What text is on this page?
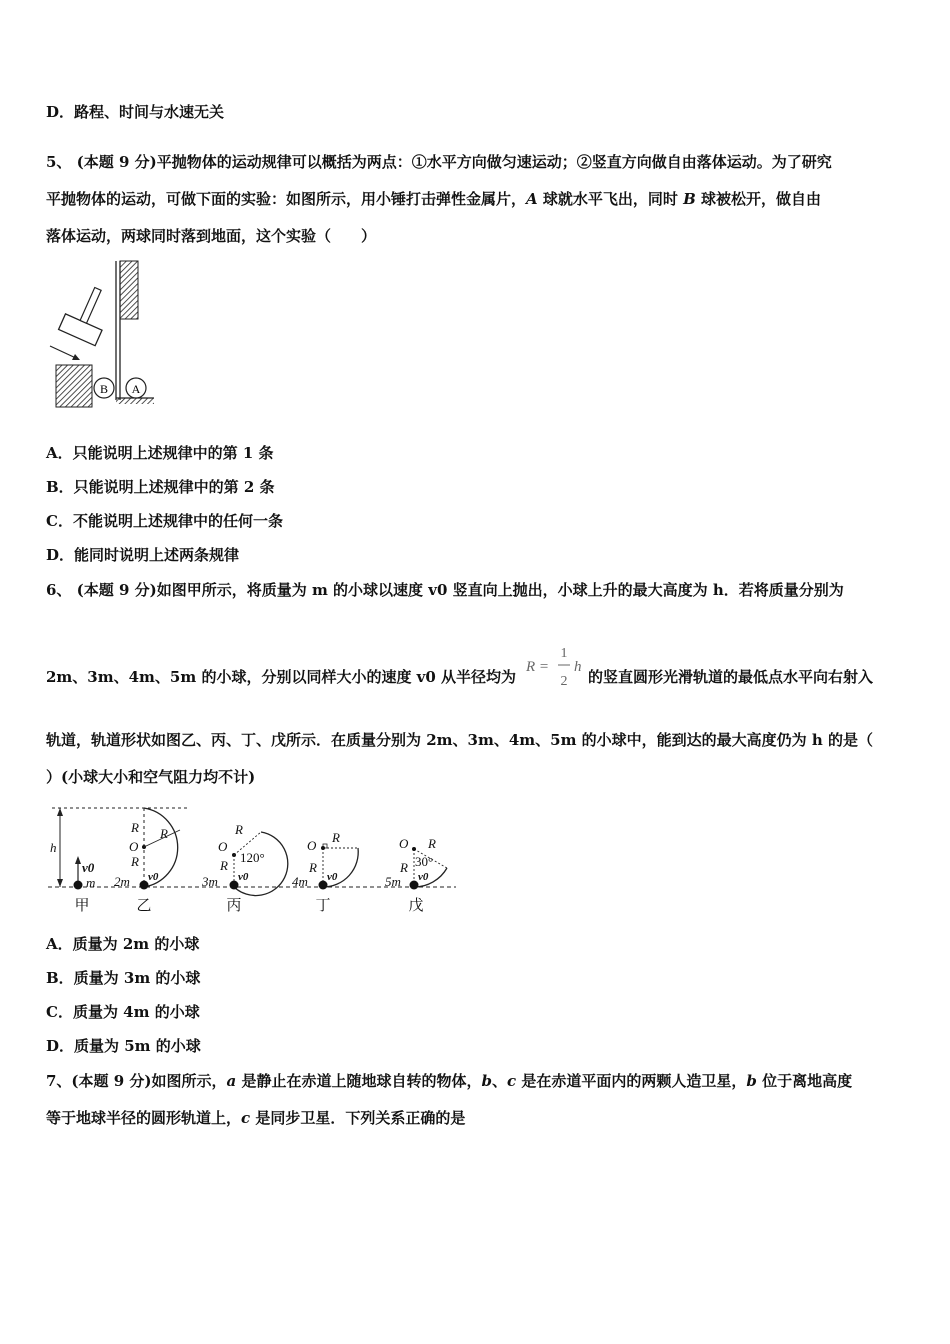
D．路程、时间与水速无关
5、 (本题 9 分)平抛物体的运动规律可以概括为两点：①水平方向做匀速运动；②竖直方向做自由落体运动。为了研究
平抛物体的运动，可做下面的实验：如图所示，用小锤打击弹性金属片，A 球就水平飞出，同时 B 球被松开，做自由
落体运动，两球同时落到地面，这个实验（　　）
B A
A．只能说明上述规律中的第 1 条
B．只能说明上述规律中的第 2 条
C．不能说明上述规律中的任何一条
D．能同时说明上述两条规律
6、 (本题 9 分)如图甲所示，将质量为 m 的小球以速度 v0 竖直向上抛出，小球上升的最大高度为 h．若将质量分别为
2m、3m、4m、5m 的小球，分别以同样大小的速度 v0 从半径均为
R =
1
2
h
的竖直圆形光滑轨道的最低点水平向右射入
轨道，轨道形状如图乙、丙、丁、戊所示．在质量分别为 2m、3m、4m、5m 的小球中，能到达的最大高度仍为 h 的是（
）(小球大小和空气阻力均不计)
h
v0
m
R R
O
R
2m v0
R
O
120°
R
3m v0
O
R
R
4m v0
O R
30°
R
5m v0
甲	乙	丙	丁	戊
A．质量为 2m 的小球
B．质量为 3m 的小球
C．质量为 4m 的小球
D．质量为 5m 的小球
7、(本题 9 分)如图所示，a 是静止在赤道上随地球自转的物体，b、c 是在赤道平面内的两颗人造卫星，b 位于离地高度
等于地球半径的圆形轨道上，c 是同步卫星．下列关系正确的是
